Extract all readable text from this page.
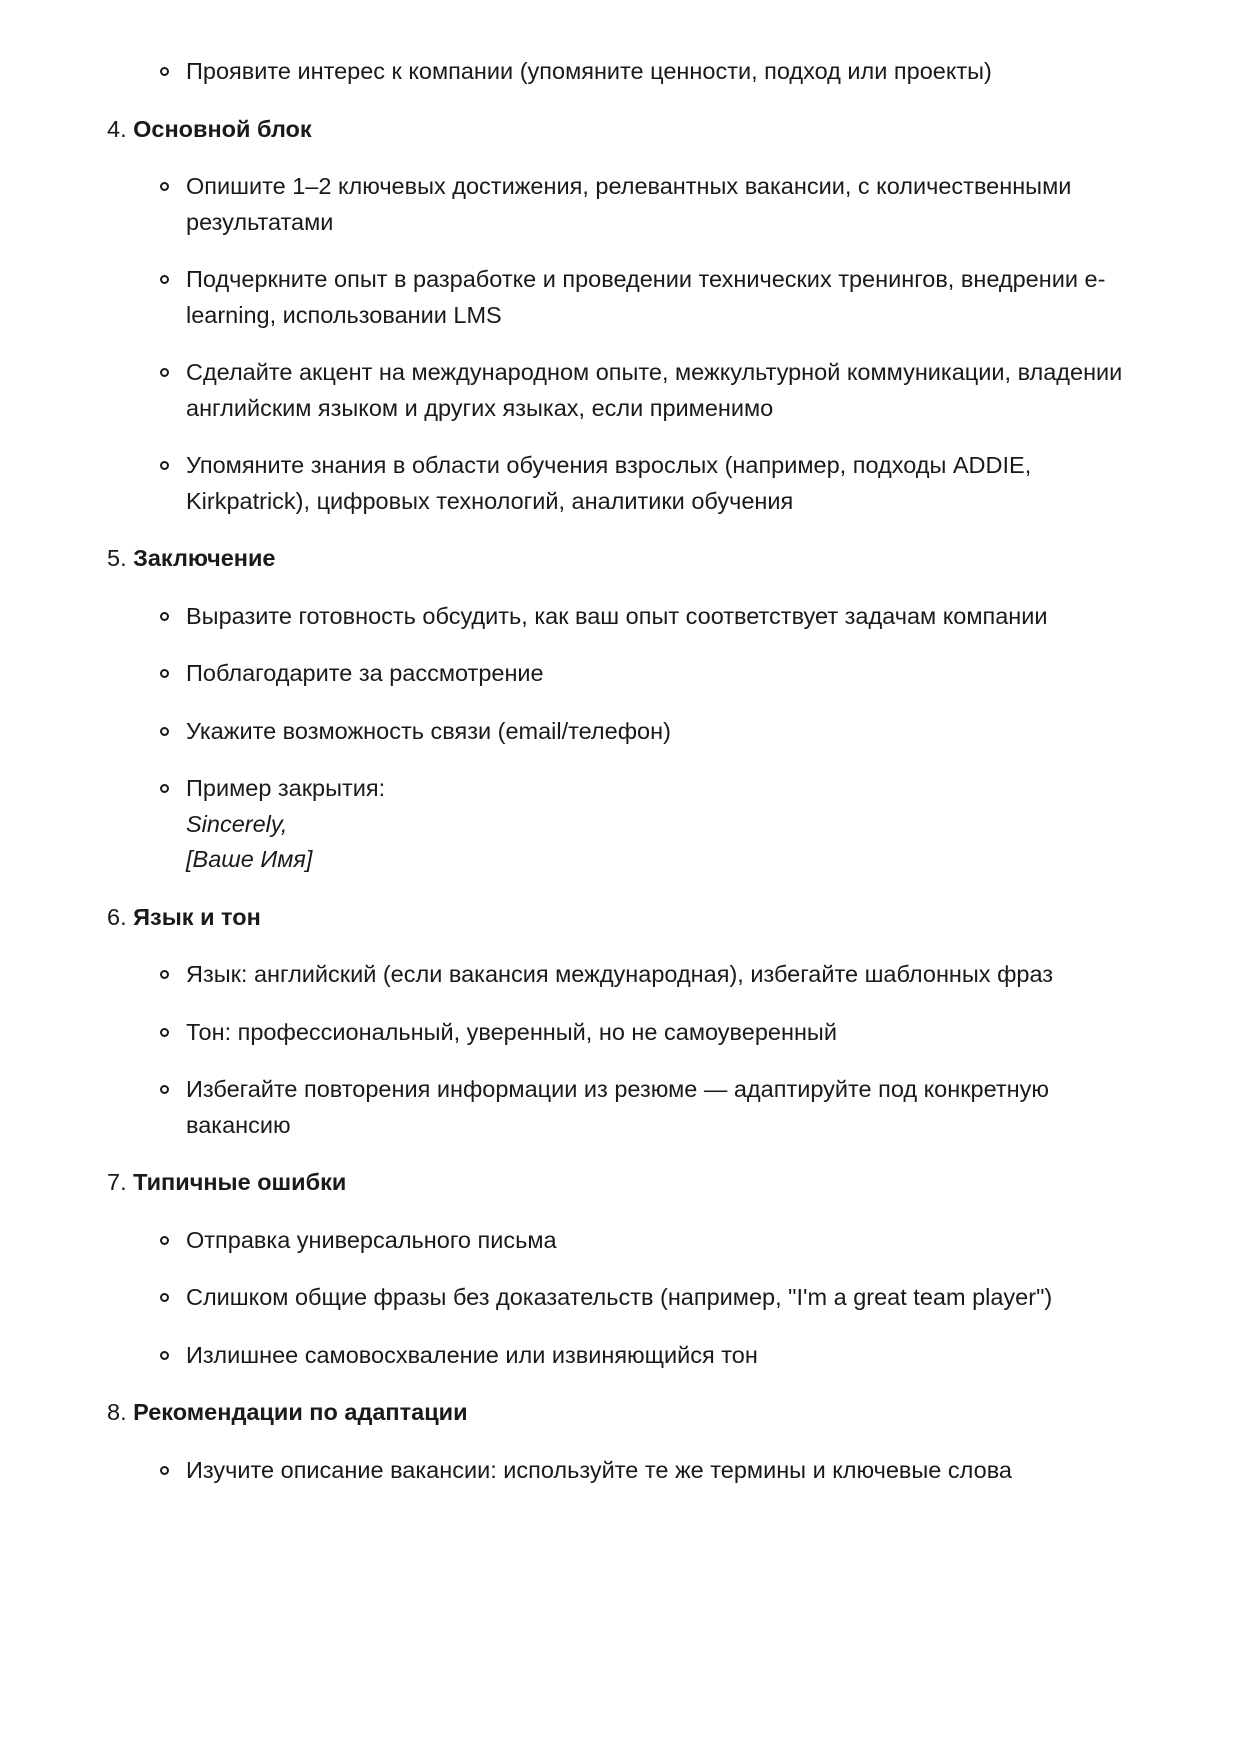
Проявите интерес к компании (упомяните ценности, подход или проекты)
4. Основной блок
Опишите 1–2 ключевых достижения, релевантных вакансии, с количественными результатами
Подчеркните опыт в разработке и проведении технических тренингов, внедрении e-learning, использовании LMS
Сделайте акцент на международном опыте, межкультурной коммуникации, владении английским языком и других языках, если применимо
Упомяните знания в области обучения взрослых (например, подходы ADDIE, Kirkpatrick), цифровых технологий, аналитики обучения
5. Заключение
Выразите готовность обсудить, как ваш опыт соответствует задачам компании
Поблагодарите за рассмотрение
Укажите возможность связи (email/телефон)
Пример закрытия:
Sincerely,
[Ваше Имя]
6. Язык и тон
Язык: английский (если вакансия международная), избегайте шаблонных фраз
Тон: профессиональный, уверенный, но не самоуверенный
Избегайте повторения информации из резюме — адаптируйте под конкретную вакансию
7. Типичные ошибки
Отправка универсального письма
Слишком общие фразы без доказательств (например, "I'm a great team player")
Излишнее самовосхваление или извиняющийся тон
8. Рекомендации по адаптации
Изучите описание вакансии: используйте те же термины и ключевые слова
